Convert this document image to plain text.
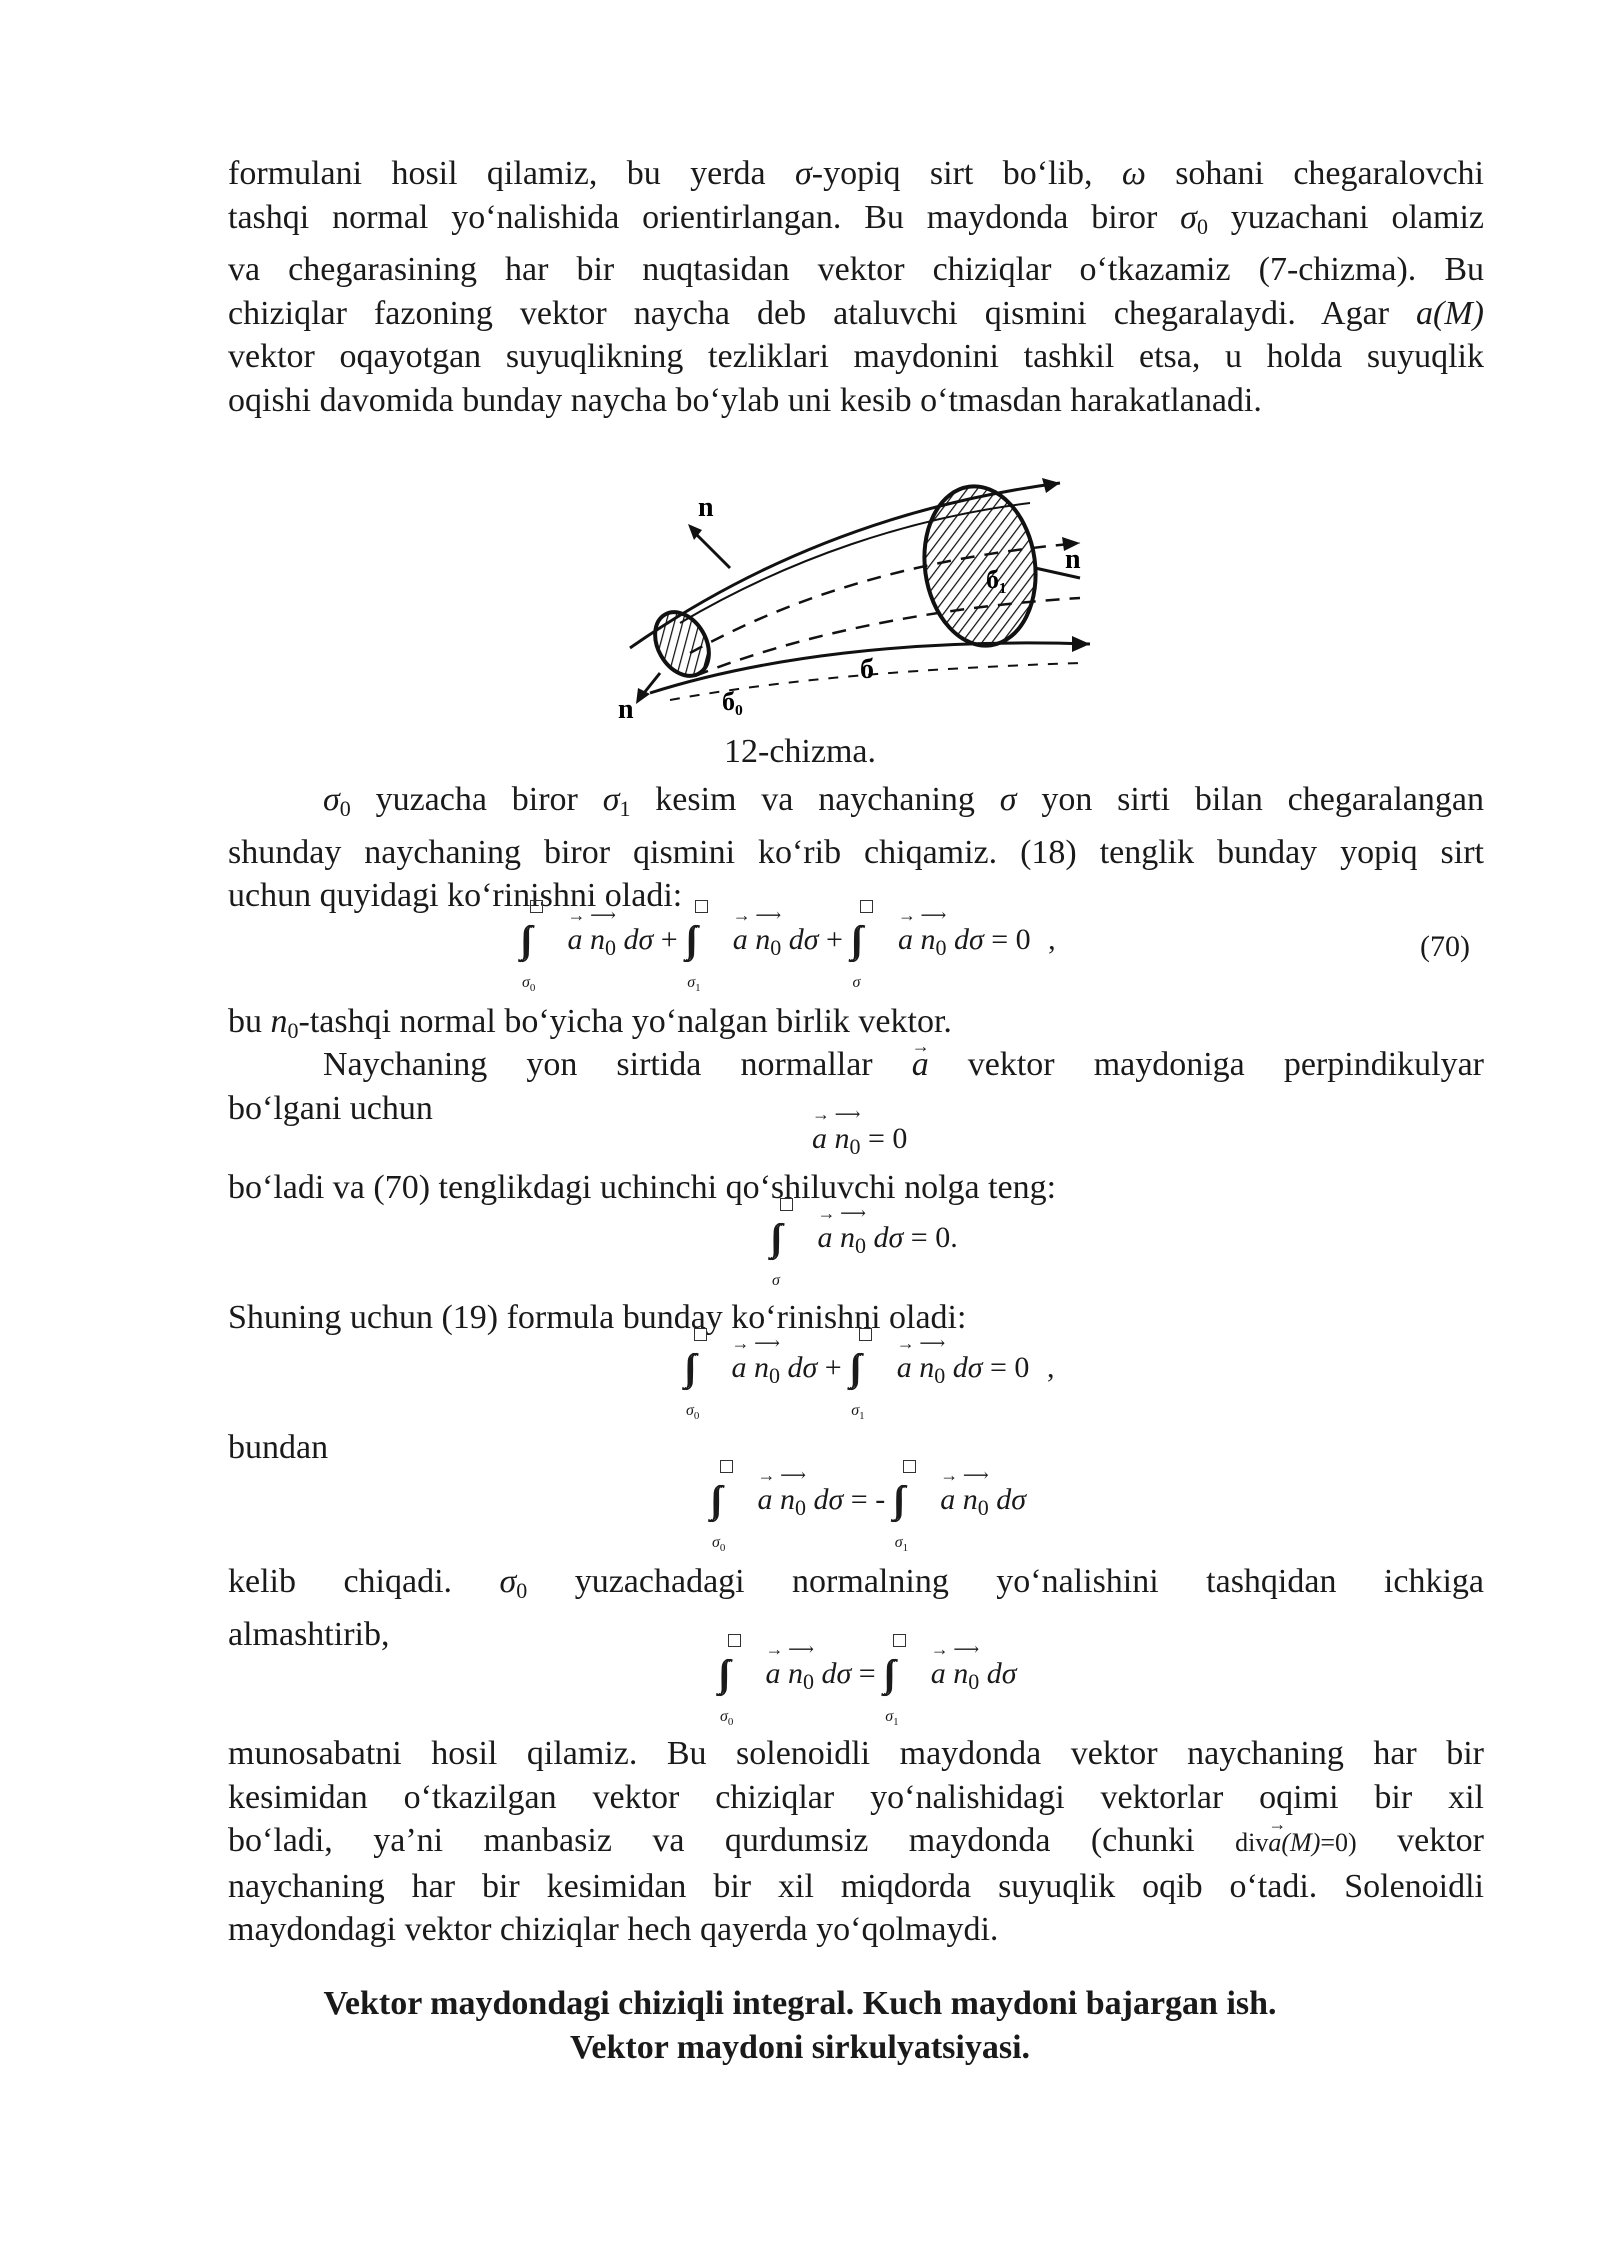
formulani hosil qilamiz, bu yerda σ-yopiq sirt bo‘lib, ω sohani chegaralovchi
tashqi normal yo‘nalishida orientirlangan. Bu maydonda biror $\sigma_0$ yuzachani olamiz
va chegarasining har bir nuqtasidan vektor chiziqlar o‘tkazamiz (7-chizma). Bu
chiziqlar fazoning vektor naycha deb ataluvchi qismini chegaralaydi. Agar a(M)
vektor oqayotgan suyuqlikning tezliklari maydonini tashkil etsa, u holda suyuqlik
oqishi davomida bunday naycha bo‘ylab uni kesib o‘tmasdan harakatlanadi.
n
n
n
б
б₀
б₁
12-chizma.
$\sigma_0$ yuzacha biror $\sigma_1$ kesim va naychaning σ yon sirti bilan chegaralangan
shunday naychaning biror qismini ko‘rib chiqamiz. (18) tenglik bunday yopiq sirt
uchun quyidagi ko‘rinishni oladi:
∫∫
$\sigma_0$
→ a ⟶ $n_0$ dσ + ∫∫
$\sigma_1$
→ a ⟶ $n_0$ dσ + ∫∫
σ
→ a ⟶ $n_0$ dσ = 0 ,	(70)
bu $n_0$-tashqi normal bo‘yicha yo‘nalgan birlik vektor.
Naychaning yon sirtida normallar → a vektor maydoniga perpindikulyar
bo‘lgani uchun
→ a ⟶ $n_0 = 0$
bo‘ladi va (70) tenglikdagi uchinchi qo‘shiluvchi nolga teng:
∫∫
σ
→ a ⟶ $n_0$ dσ = 0.
Shuning uchun (19) formula bunday ko‘rinishni oladi:
∫∫
$\sigma_0$
→ a ⟶ $n_0$ dσ + ∫∫
$\sigma_1$
→ a ⟶ $n_0$ dσ = 0 ,
bundan
∫∫
$\sigma_0$
→ a ⟶ $n_0$ dσ = - ∫∫
$\sigma_1$
→ a ⟶ $n_0$ dσ
kelib chiqadi. $\sigma_0$ yuzachadagi normalning yo‘nalishini tashqidan ichkiga
almashtirib,
∫∫
$\sigma_0$
→ a ⟶ $n_0$ dσ = ∫∫
$\sigma_1$
→ a ⟶ $n_0$ dσ
munosabatni hosil qilamiz. Bu solenoidli maydonda vektor naychaning har bir
kesimidan o‘tkazilgan vektor chiziqlar yo‘nalishidagi vektorlar oqimi bir xil
bo‘ladi, ya’ni manbasiz va qurdumsiz maydonda (chunki div→ a(M)=0) vektor
naychaning har bir kesimidan bir xil miqdorda suyuqlik oqib o‘tadi. Solenoidli
maydondagi vektor chiziqlar hech qayerda yo‘qolmaydi.
Vektor maydondagi chiziqli integral. Kuch maydoni bajargan ish.
Vektor maydoni sirkulyatsiyasi.
